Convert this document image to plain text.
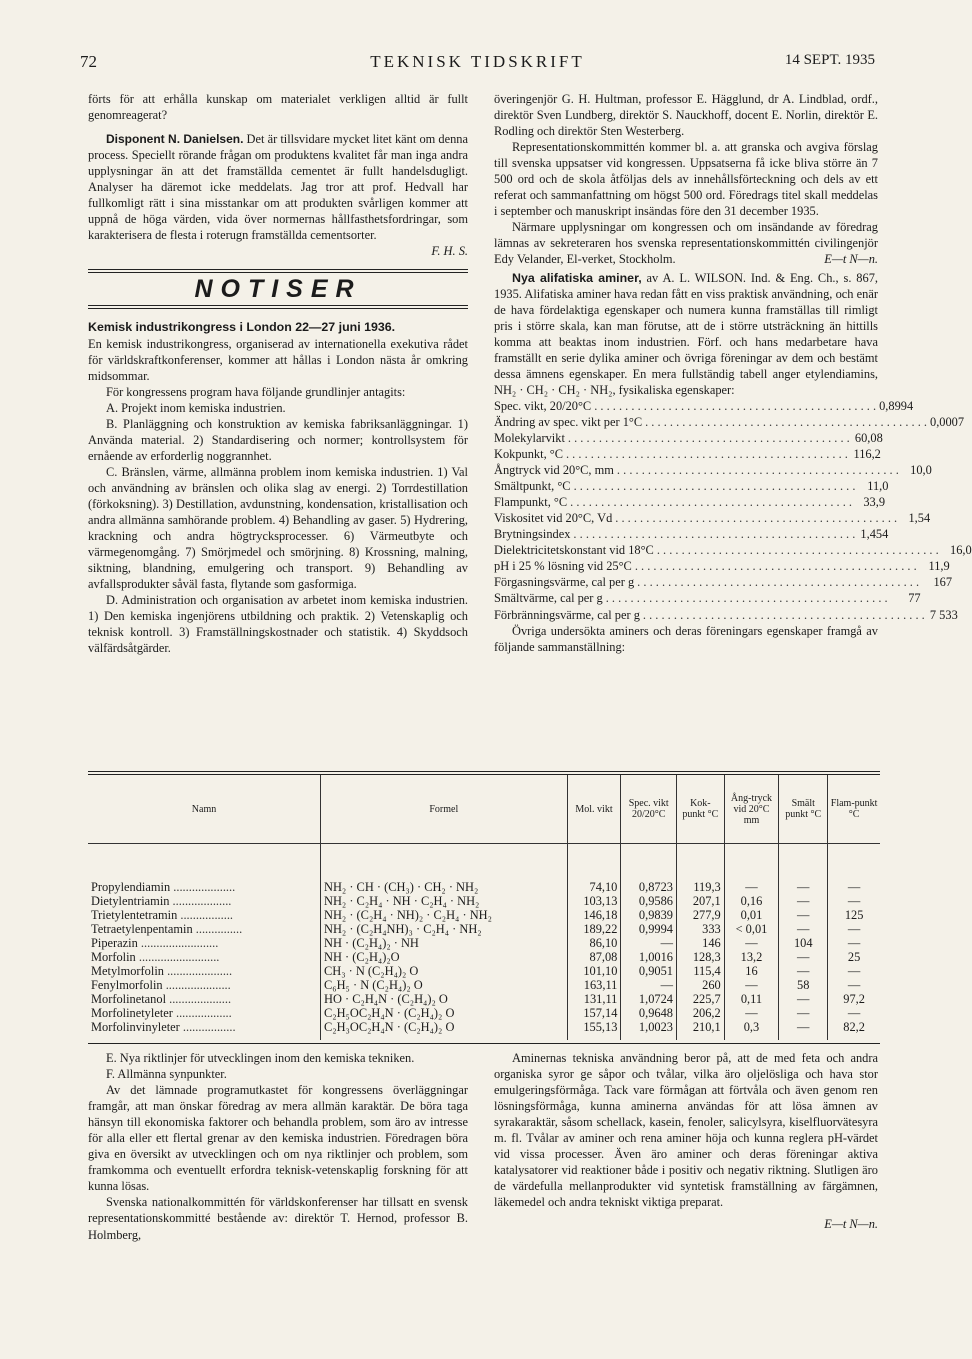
72	TEKNISK TIDSKRIFT	14 SEPT. 1935

förts för att erhålla kunskap om materialet verkligen alltid är fullt genomreagerat?

Disponent N. Danielsen. Det är tillsvidare mycket litet känt om denna process. Speciellt rörande frågan om produktens kvalitet får man inga andra upplysningar än att det framställda cementet är fullt handelsdugligt. Analyser ha däremot icke meddelats. Jag tror att prof. Hedvall har fullkomligt rätt i sina misstankar om att produkten svårligen kommer att uppnå de höga värden, vida över normernas hållfasthetsfordringar, som karakterisera de flesta i roterugn framställda cementsorter.

F. H. S.

NOTISER

Kemisk industrikongress i London 22—27 juni 1936.

En kemisk industrikongress, organiserad av internationella exekutiva rådet för världskraftkonferenser, kommer att hållas i London nästa år omkring midsommar.

För kongressens program hava följande grundlinjer antagits:

A. Projekt inom kemiska industrien.

B. Planläggning och konstruktion av kemiska fabriksanläggningar. 1) Använda material. 2) Standardisering och normer; kontrollsystem för ernående av erforderlig noggrannhet.

C. Bränslen, värme, allmänna problem inom kemiska industrien. 1) Val och användning av bränslen och olika slag av energi. 2) Torrdestillation (förkoksning). 3) Destillation, avdunstning, kondensation, kristallisation och andra allmänna samhörande problem. 4) Behandling av gaser. 5) Hydrering, krackning och andra högtrycksprocesser. 6) Värmeutbyte och värmegenomgång. 7) Smörjmedel och smörjning. 8) Krossning, malning, siktning, blandning, emulgering och transport. 9) Behandling av avfallsprodukter såväl fasta, flytande som gasformiga.

D. Administration och organisation av arbetet inom kemiska industrien. 1) Den kemiska ingenjörens utbildning och praktik. 2) Vetenskaplig och teknisk kontroll. 3) Framställningskostnader och statistik. 4) Skyddsoch välfärdsåtgärder.

överingenjör G. H. Hultman, professor E. Hägglund, dr A. Lindblad, ordf., direktör Sven Lundberg, direktör S. Nauckhoff, docent E. Norlin, direktör E. Rodling och direktör Sten Westerberg.

Representationskommittén kommer bl. a. att granska och avgiva förslag till svenska uppsatser vid kongressen. Uppsatserna få icke bliva större än 7 500 ord och de skola åtföljas dels av innehållsförteckning och dels av ett referat och sammanfattning om högst 500 ord. Föredrags titel skall meddelas i september och manuskript insändas före den 31 december 1935.

Närmare upplysningar om kongressen och om insändande av föredrag lämnas av sekreteraren hos svenska representationskommittén civilingenjör Edy Velander, El-verket, Stockholm.	E—t N—n.

Nya alifatiska aminer, av A. L. WILSON. Ind. & Eng. Ch., s. 867, 1935. Alifatiska aminer hava redan fått en viss praktisk användning, och enär de hava fördelaktiga egenskaper och numera kunna framställas till rimligt pris i större skala, kan man förutse, att de i större utsträckning än hittills komma att beaktas inom industrien. Förf. och hans medarbetare hava framställt en serie dylika aminer och övriga föreningar av dem och bestämt dessa ämnens egenskaper. En mera fullständig tabell anger etylendiamins, NH₂ · CH₂ · CH₂ · NH₂, fysikaliska egenskaper:

Spec. vikt, 20/20°C . . . . . . . . . . . . . . . . . . . . . . . . . . . . . . . . . . . . . . . . . . . . . . 0,8994
Ändring av spec. vikt per 1°C . . . . . . . . . . . . . . . . . . . . . . . . . . . . . . . . . . . . . . . . . . . . . . 0,0007
Molekylarvikt . . . . . . . . . . . . . . . . . . . . . . . . . . . . . . . . . . . . . . . . . . . . . . 60,08
Kokpunkt, °C . . . . . . . . . . . . . . . . . . . . . . . . . . . . . . . . . . . . . . . . . . . . . . 116,2
Ångtryck vid 20°C, mm . . . . . . . . . . . . . . . . . . . . . . . . . . . . . . . . . . . . . . . . . . . . . . 10,0
Smältpunkt, °C . . . . . . . . . . . . . . . . . . . . . . . . . . . . . . . . . . . . . . . . . . . . . . 11,0
Flampunkt, °C . . . . . . . . . . . . . . . . . . . . . . . . . . . . . . . . . . . . . . . . . . . . . . 33,9
Viskositet vid 20°C, Vd . . . . . . . . . . . . . . . . . . . . . . . . . . . . . . . . . . . . . . . . . . . . . . 1,54
Brytningsindex . . . . . . . . . . . . . . . . . . . . . . . . . . . . . . . . . . . . . . . . . . . . . . 1,454
Dielektricitetskonstant vid 18°C . . . . . . . . . . . . . . . . . . . . . . . . . . . . . . . . . . . . . . . . . . . . . . 16,0
pH i 25 % lösning vid 25°C . . . . . . . . . . . . . . . . . . . . . . . . . . . . . . . . . . . . . . . . . . . . . . 11,9
Förgasningsvärme, cal per g . . . . . . . . . . . . . . . . . . . . . . . . . . . . . . . . . . . . . . . . . . . . . .	167
Smältvärme, cal per g . . . . . . . . . . . . . . . . . . . . . . . . . . . . . . . . . . . . . . . . . . . . . .	77
Förbränningsvärme, cal per g . . . . . . . . . . . . . . . . . . . . . . . . . . . . . . . . . . . . . . . . . . . . . . 7 533

Övriga undersökta aminers och deras föreningars egenskaper framgå av följande sammanställning:

Namn	Formel	Mol. vikt	Spec. vikt 20/20°C	Kok-punkt °C	Ång-tryck vid 20°C mm	Smält punkt °C	Flam-punkt °C
Propylendiamin ....................	NH₂ · CH · (CH₃) · CH₂ · NH₂	74,10	0,8723	119,3	—	—	—
Dietylentriamin ...................	NH₂ · C₂H₄ · NH · C₂H₄ · NH₂	103,13	0,9586	207,1	0,16	—	—
Trietylentetramin .................	NH₂ · (C₂H₄ · NH)₂ · C₂H₄ · NH₂	146,18	0,9839	277,9	0,01	—	125
Tetraetylenpentamin ...............	NH₂ · (C₂H₄NH)₃ · C₂H₄ · NH₂	189,22	0,9994	333	< 0,01	—	—
Piperazin .........................	NH · (C₂H₄)₂ · NH	86,10	—	146	—	104	—
Morfolin ..........................	NH · (C₂H₄)₂O	87,08	1,0016	128,3	13,2	—	25
Metylmorfolin .....................	CH₃ · N (C₂H₄)₂ O	101,10	0,9051	115,4	16	—	—
Fenylmorfolin .....................	C₆H₅ · N (C₂H₄)₂ O	163,11	—	260	—	58	—
Morfolinetanol ....................	HO · C₂H₄N · (C₂H₄)₂ O	131,11	1,0724	225,7	0,11	—	97,2
Morfolinetyleter ..................	C₂H₅OC₂H₄N · (C₂H₄)₂ O	157,14	0,9648	206,2	—	—	—
Morfolinvinyleter .................	C₂H₃OC₂H₄N · (C₂H₄)₂ O	155,13	1,0023	210,1	0,3	—	82,2

E. Nya riktlinjer för utvecklingen inom den kemiska tekniken.

F. Allmänna synpunkter.

Av det lämnade programutkastet för kongressens överläggningar framgår, att man önskar föredrag av mera allmän karaktär. De böra taga hänsyn till ekonomiska faktorer och behandla problem, som äro av intresse för alla eller ett flertal grenar av den kemiska industrien. Föredragen böra giva en översikt av utvecklingen och om nya riktlinjer och problem, som framkomma och eventuellt erfordra teknisk-vetenskaplig forskning för att kunna lösas.

Svenska nationalkommittén för världskonferenser har tillsatt en svensk representationskommitté bestående av: direktör T. Hernod, professor B. Holmberg,

Aminernas tekniska användning beror på, att de med feta och andra organiska syror ge såpor och tvålar, vilka äro oljelösliga och hava stor emulgeringsförmåga. Tack vare förmågan att förtvåla och även genom ren lösningsförmåga, kunna aminerna användas för att lösa ämnen av syrakaraktär, såsom schellack, kasein, fenoler, salicylsyra, kiselfluorvätesyra m. fl. Tvålar av aminer och rena aminer höja och kunna reglera pH-värdet vid vissa processer. Även äro aminer och deras föreningar aktiva katalysatorer vid reaktioner både i positiv och negativ riktning. Slutligen äro de värdefulla mellanprodukter vid syntetisk framställning av färgämnen, läkemedel och andra tekniskt viktiga preparat.

E—t N—n.
